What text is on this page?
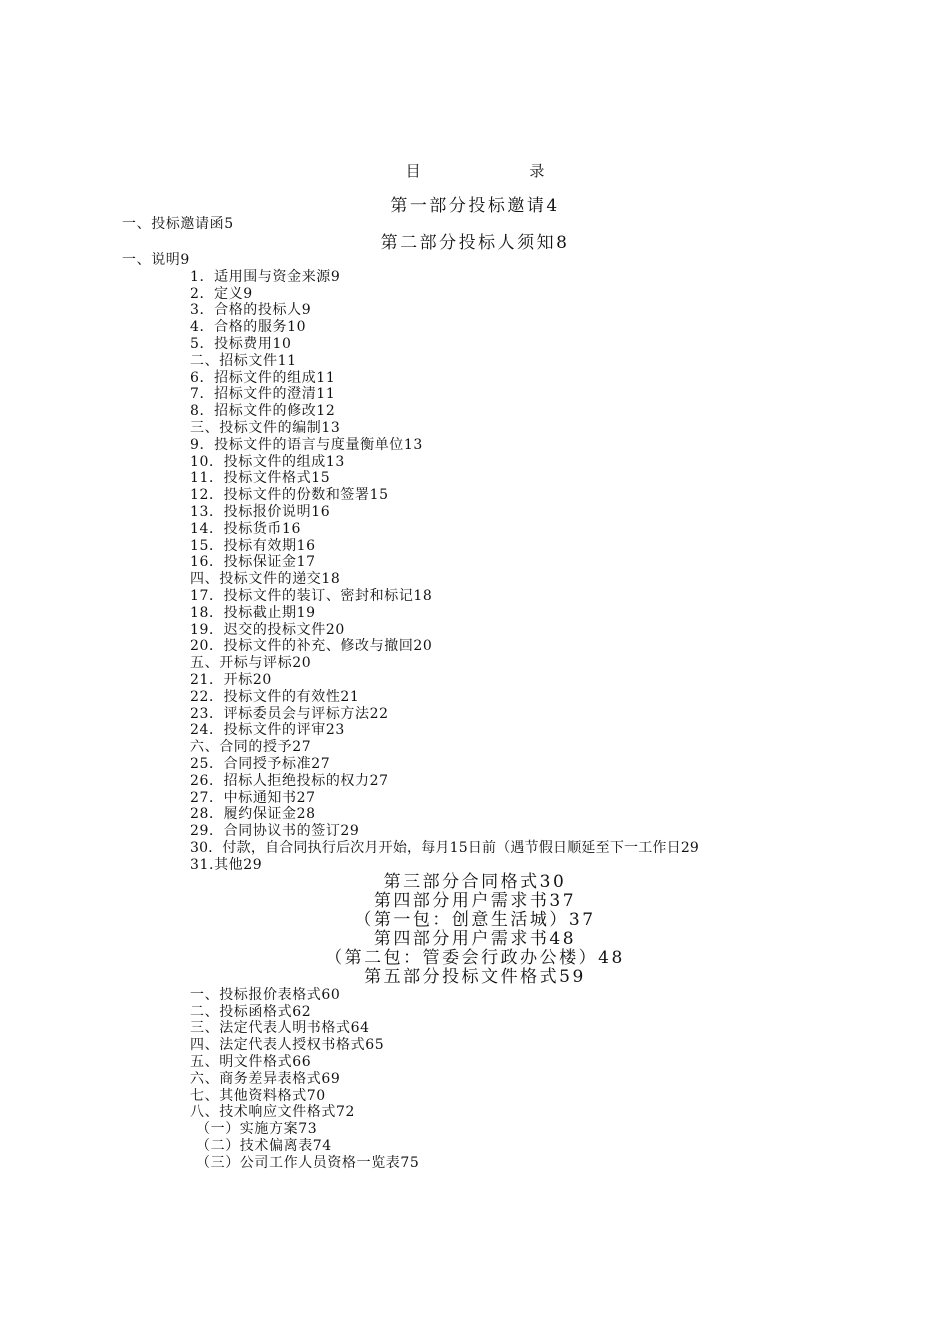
目 录
第一部分投标邀请4
一、投标邀请函5
第二部分投标人须知8
一、说明9
1．适用围与资金来源9
2．定义9
3．合格的投标人9
4．合格的服务10
5．投标费用10
二、招标文件11
6．招标文件的组成11
7．招标文件的澄清11
8．招标文件的修改12
三、投标文件的编制13
9．投标文件的语言与度量衡单位13
10．投标文件的组成13
11．投标文件格式15
12．投标文件的份数和签署15
13．投标报价说明16
14．投标货币16
15．投标有效期16
16．投标保证金17
四、投标文件的递交18
17．投标文件的装订、密封和标记18
18．投标截止期19
19．迟交的投标文件20
20．投标文件的补充、修改与撤回20
五、开标与评标20
21．开标20
22．投标文件的有效性21
23．评标委员会与评标方法22
24．投标文件的评审23
六、合同的授予27
25．合同授予标准27
26．招标人拒绝投标的权力27
27．中标通知书27
28．履约保证金28
29．合同协议书的签订29
30．付款，自合同执行后次月开始，每月15日前（遇节假日顺延至下一工作日29
31.其他29
第三部分合同格式30
第四部分用户需求书37
（第一包：创意生活城）37
第四部分用户需求书48
（第二包：管委会行政办公楼）48
第五部分投标文件格式59
一、投标报价表格式60
二、投标函格式62
三、法定代表人明书格式64
四、法定代表人授权书格式65
五、明文件格式66
六、商务差异表格式69
七、其他资料格式70
八、技术响应文件格式72
（一）实施方案73
（二）技术偏离表74
（三）公司工作人员资格一览表75
